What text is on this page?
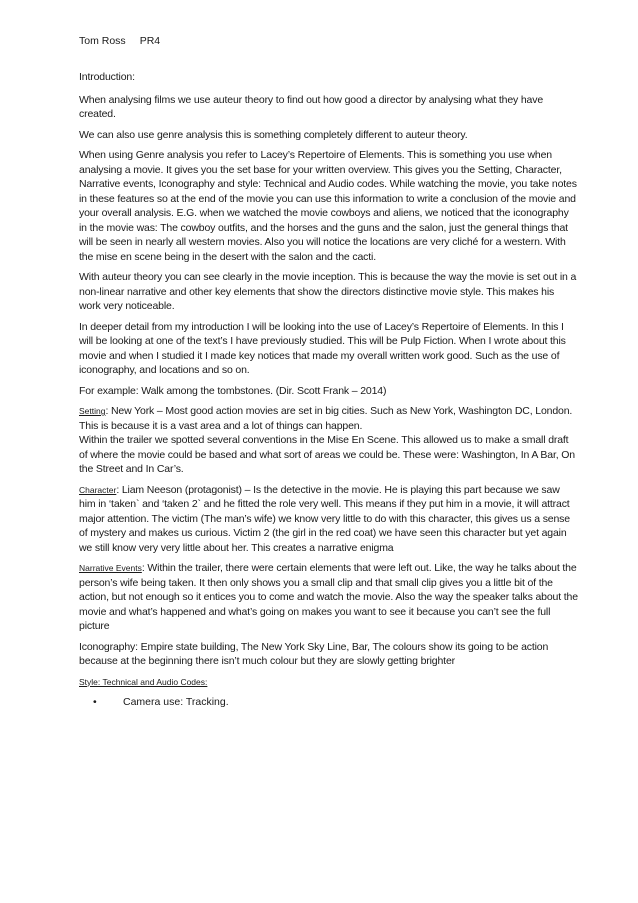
Tom Ross PR4

Introduction:

When analysing films we use auteur theory to find out how good a director by analysing what they have created.

We can also use genre analysis this is something completely different to auteur theory.

When using Genre analysis you refer to Lacey’s Repertoire of Elements. This is something you use when analysing a movie. It gives you the set base for your written overview. This gives you the Setting, Character, Narrative events, Iconography and style: Technical and Audio codes. While watching the movie, you take notes in these features so at the end of the movie you can use this information to write a conclusion of the movie and your overall analysis. E.G. when we watched the movie cowboys and aliens, we noticed that the iconography in the movie was: The cowboy outfits, and the horses and the guns and the salon, just the general things that will be seen in nearly all western movies. Also you will notice the locations are very cliché for a western. With the mise en scene being in the desert with the salon and the cacti.

With auteur theory you can see clearly in the movie inception. This is because the way the movie is set out in a non-linear narrative and other key elements that show the directors distinctive movie style. This makes his work very noticeable.

In deeper detail from my introduction I will be looking into the use of Lacey’s Repertoire of Elements. In this I will be looking at one of the text’s I have previously studied. This will be Pulp Fiction. When I wrote about this movie and when I studied it I made key notices that made my overall written work good. Such as the use of iconography, and locations and so on.

For example: Walk among the tombstones. (Dir. Scott Frank – 2014)

Setting: New York – Most good action movies are set in big cities. Such as New York, Washington DC, London. This is because it is a vast area and a lot of things can happen.
Within the trailer we spotted several conventions in the Mise En Scene. This allowed us to make a small draft of where the movie could be based and what sort of areas we could be. These were: Washington, In A Bar, On the Street and In Car’s.

Character: Liam Neeson (protagonist) – Is the detective in the movie. He is playing this part because we saw him in ‘taken` and ‘taken 2` and he fitted the role very well. This means if they put him in a movie, it will attract major attention. The victim (The man’s wife) we know very little to do with this character, this gives us a sense of mystery and makes us curious. Victim 2 (the girl in the red coat) we have seen this character but yet again we still know very very little about her. This creates a narrative enigma

Narrative Events: Within the trailer, there were certain elements that were left out. Like, the way he talks about the person’s wife being taken. It then only shows you a small clip and that small clip gives you a little bit of the action, but not enough so it entices you to come and watch the movie. Also the way the speaker talks about the movie and what’s happened and what’s going on makes you want to see it because you can’t see the full picture

Iconography: Empire state building, The New York Sky Line, Bar, The colours show its going to be action because at the beginning there isn’t much colour but they are slowly getting brighter

Style: Technical and Audio Codes:
•	Camera use: Tracking.
